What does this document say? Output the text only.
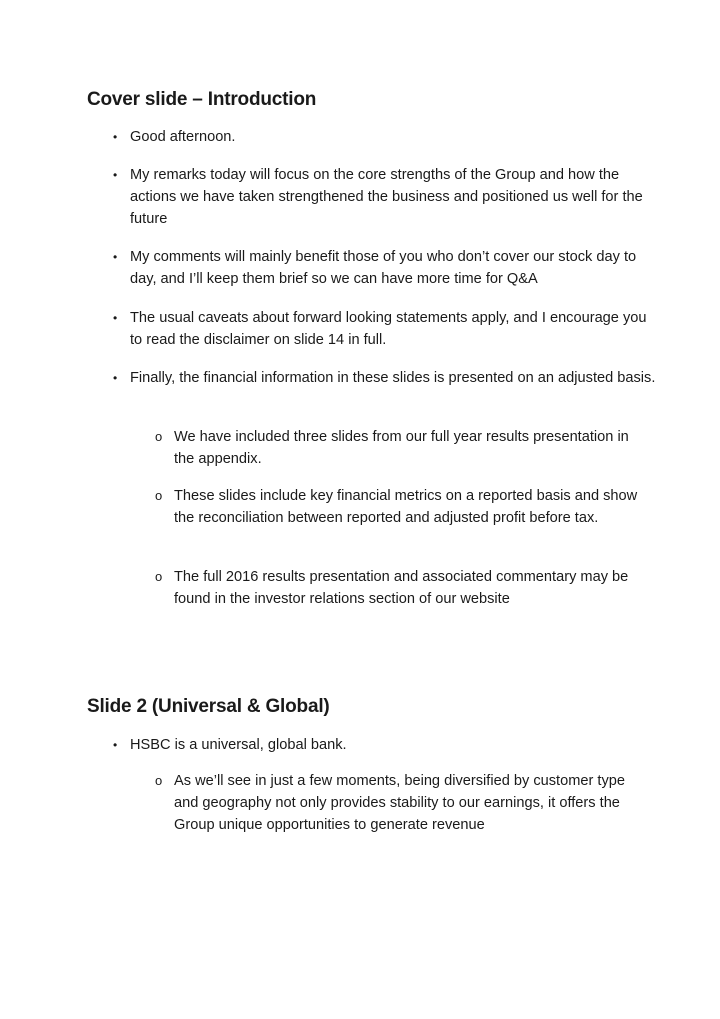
Cover slide – Introduction
• Good afternoon.

• My remarks today will focus on the core strengths of the Group and how the actions we have taken strengthened the business and positioned us well for the future

• My comments will mainly benefit those of you who don’t cover our stock day to day, and I’ll keep them brief so we can have more time for Q&A

• The usual caveats about forward looking statements apply, and I encourage you to read the disclaimer on slide 14 in full.

• Finally, the financial information in these slides is presented on an adjusted basis.

o We have included three slides from our full year results presentation in the appendix.

o These slides include key financial metrics on a reported basis and show the reconciliation between reported and adjusted profit before tax.

o The full 2016 results presentation and associated commentary may be found in the investor relations section of our website

Slide 2 (Universal & Global)
• HSBC is a universal, global bank.

o As we’ll see in just a few moments, being diversified by customer type and geography not only provides stability to our earnings, it offers the Group unique opportunities to generate revenue
